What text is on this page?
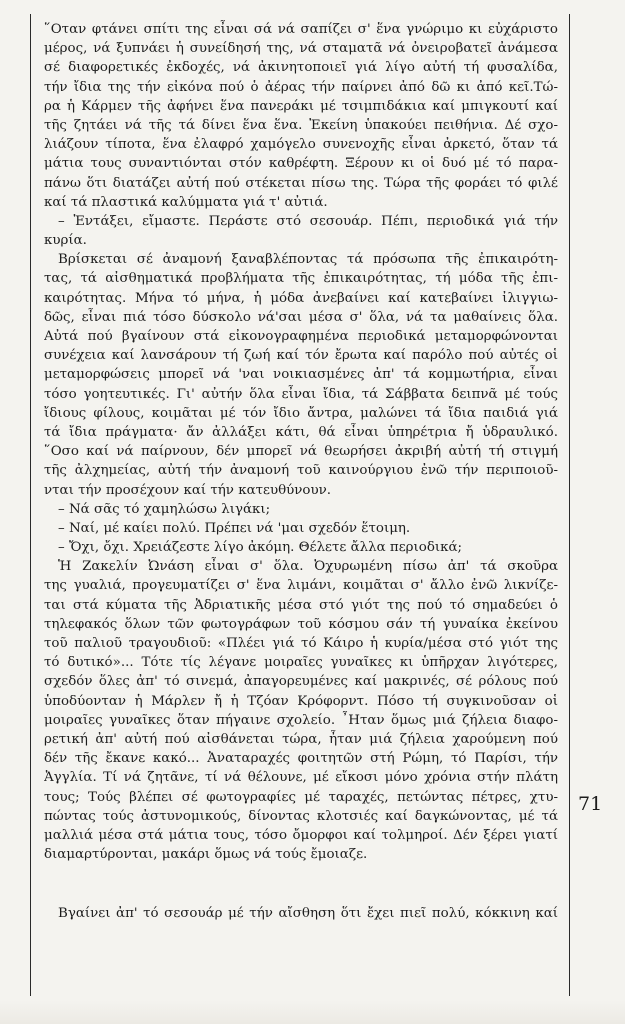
῞Οταν φτάνει σπίτι της εἶναι σά νά σαπίζει σ' ἕνα γνώριμο κι εὐχάριστο
μέρος, νά ξυπνάει ἡ συνείδησή της, νά σταματᾶ νά ὀνειροβατεῖ ἀνάμεσα
σέ διαφορετικές ἐκδοχές, νά ἀκινητοποιεῖ γιά λίγο αὐτή τή φυσαλίδα,
τήν ἴδια της τήν εἰκόνα πού ὁ ἀέρας τήν παίρνει ἀπό δῶ κι ἀπό κεῖ.Τώ-
ρα ἡ Κάρμεν τῆς ἀφήνει ἕνα πανεράκι μέ τσιμπιδάκια καί μπιγκουτί καί
τῆς ζητάει νά τῆς τά δίνει ἕνα ἕνα. Ἐκείνη ὑπακούει πειθήνια. Δέ σχο-
λιάζουν τίποτα, ἕνα ἐλαφρό χαμόγελο συνενοχῆς εἶναι ἀρκετό, ὅταν τά
μάτια τους συναντιόνται στόν καθρέφτη. Ξέρουν κι οἱ δυό μέ τό παρα-
πάνω ὅτι διατάζει αὐτή πού στέκεται πίσω της. Τώρα τῆς φοράει τό φιλέ
καί τά πλαστικά καλύμματα γιά τ' αὐτιά.
– Ἐντάξει, εἴμαστε. Περάστε στό σεσουάρ. Πέπι, περιοδικά γιά τήν
κυρία.
Βρίσκεται σέ ἀναμονή ξαναβλέποντας τά πρόσωπα τῆς ἐπικαιρότη-
τας, τά αἰσθηματικά προβλήματα τῆς ἐπικαιρότητας, τή μόδα τῆς ἐπι-
καιρότητας. Μήνα τό μήνα, ἡ μόδα ἀνεβαίνει καί κατεβαίνει ἰλιγγιω-
δῶς, εἶναι πιά τόσο δύσκολο νά'σαι μέσα σ' ὅλα, νά τα μαθαίνεις ὅλα.
Αὐτά πού βγαίνουν στά εἰκονογραφημένα περιοδικά μεταμορφώνονται
συνέχεια καί λανσάρουν τή ζωή καί τόν ἔρωτα καί παρόλο πού αὐτές οἱ
μεταμορφώσεις μπορεῖ νά 'ναι νοικιασμένες ἀπ' τά κομμωτήρια, εἶναι
τόσο γοητευτικές. Γι' αὐτήν ὅλα εἶναι ἴδια, τά Σάββατα δειπνᾶ μέ τούς
ἴδιους φίλους, κοιμᾶται μέ τόν ἴδιο ἄντρα, μαλώνει τά ἴδια παιδιά γιά
τά ἴδια πράγματα· ἄν ἀλλάξει κάτι, θά εἶναι ὑπηρέτρια ἤ ὑδραυλικό.
῞Οσο καί νά παίρνουν, δέν μπορεῖ νά θεωρήσει ἀκριβή αὐτή τή στιγμή
τῆς ἀλχημείας, αὐτή τήν ἀναμονή τοῦ καινούργιου ἐνῶ τήν περιποιοῦ-
νται τήν προσέχουν καί τήν κατευθύνουν.
– Νά σᾶς τό χαμηλώσω λιγάκι;
– Ναί, μέ καίει πολύ. Πρέπει νά 'μαι σχεδόν ἕτοιμη.
– Ὄχι, ὄχι. Χρειάζεστε λίγο ἀκόμη. Θέλετε ἄλλα περιοδικά;
Ἡ Ζακελίν Ὠνάση εἶναι σ' ὅλα. Ὀχυρωμένη πίσω ἀπ' τά σκοῦρα
της γυαλιά, προγευματίζει σ' ἕνα λιμάνι, κοιμᾶται σ' ἄλλο ἐνῶ λικνίζε-
ται στά κύματα τῆς Ἀδριατικῆς μέσα στό γιότ της πού τό σημαδεύει ὁ
τηλεφακός ὅλων τῶν φωτογράφων τοῦ κόσμου σάν τή γυναίκα ἐκείνου
τοῦ παλιοῦ τραγουδιοῦ: «Πλέει γιά τό Κάιρο ἡ κυρία/μέσα στό γιότ της
τό δυτικό»... Τότε τίς λέγανε μοιραῖες γυναῖκες κι ὑπῆρχαν λιγότερες,
σχεδόν ὅλες ἀπ' τό σινεμά, ἀπαγορευμένες καί μακρινές, σέ ρόλους πού
ὑποδύονταν ἡ Μάρλεν ἤ ἡ Τζόαν Κρόφορντ. Πόσο τή συγκινοῦσαν οἱ
μοιραῖες γυναῖκες ὅταν πήγαινε σχολείο. ῏Ηταν ὅμως μιά ζήλεια διαφο-
ρετική ἀπ' αὐτή πού αἰσθάνεται τώρα, ἦταν μιά ζήλεια χαρούμενη πού
δέν τῆς ἔκανε κακό... Ἀναταραχές φοιτητῶν στή Ρώμη, τό Παρίσι, τήν
Ἀγγλία. Τί νά ζητᾶνε, τί νά θέλουνε, μέ εἴκοσι μόνο χρόνια στήν πλάτη
τους; Τούς βλέπει σέ φωτογραφίες μέ ταραχές, πετώντας πέτρες, χτυ-
πώντας τούς ἀστυνομικούς, δίνοντας κλοτσιές καί δαγκώνοντας, μέ τά
μαλλιά μέσα στά μάτια τους, τόσο ὄμορφοι καί τολμηροί. Δέν ξέρει γιατί
διαμαρτύρονται, μακάρι ὅμως νά τούς ἔμοιαζε.
Βγαίνει ἀπ' τό σεσουάρ μέ τήν αἴσθηση ὅτι ἔχει πιεῖ πολύ, κόκκινη καί
71
